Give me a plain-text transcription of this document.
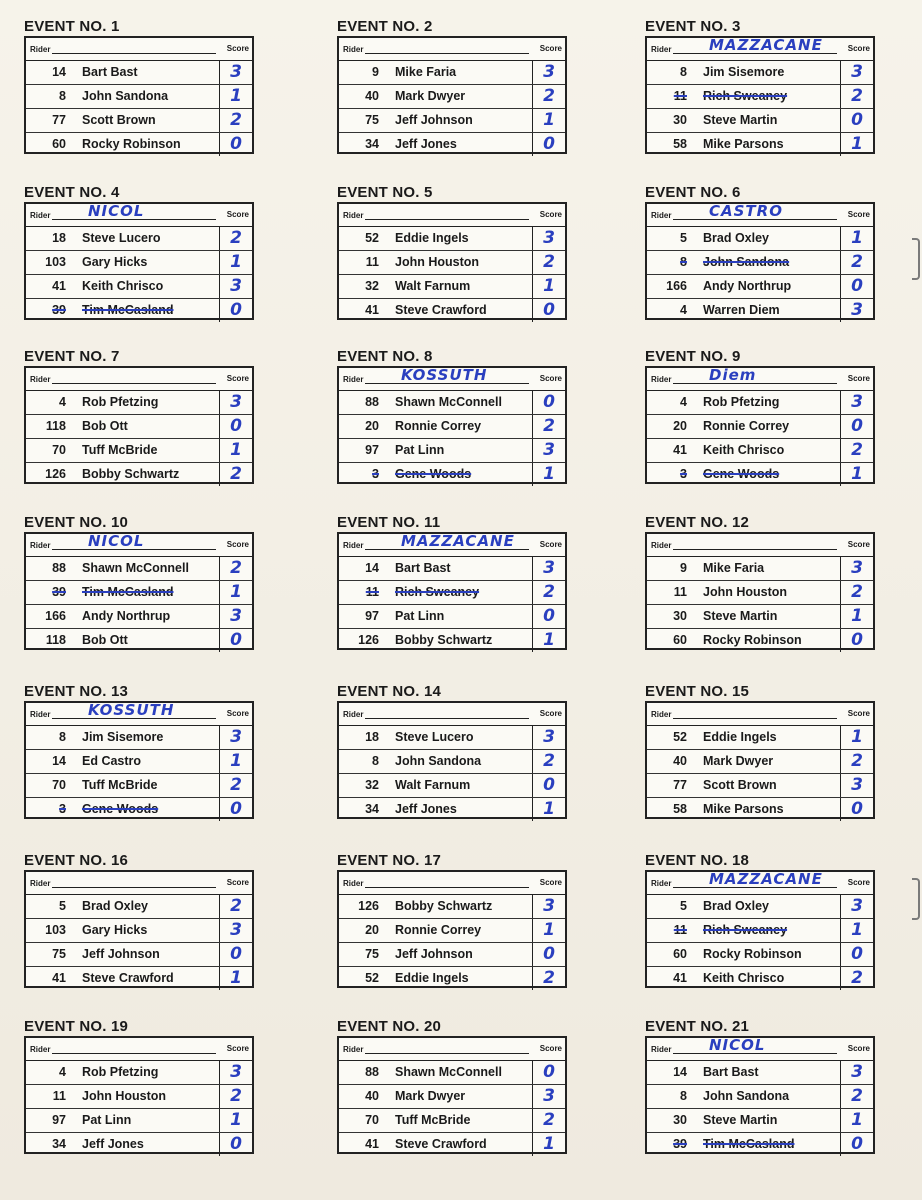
EVENT NO. 1
Rider	Score
14 Bart Bast	3
8 John Sandona	1
77 Scott Brown	2
60 Rocky Robinson	0
EVENT NO. 2
Rider	Score
9 Mike Faria	3
40 Mark Dwyer	2
75 Jeff Johnson	1
34 Jeff Jones	0
EVENT NO. 3
Rider	MAZZACANE	Score
8 Jim Sisemore	3
11 Rich Sweaney	2
30 Steve Martin	0
58 Mike Parsons	1
EVENT NO. 4
Rider	NICOL	Score
18 Steve Lucero	2
103 Gary Hicks	1
41 Keith Chrisco	3
39 Tim McCasland	0
EVENT NO. 5
Rider	Score
52 Eddie Ingels	3
11 John Houston	2
32 Walt Farnum	1
41 Steve Crawford	0
EVENT NO. 6
Rider	CASTRO	Score
5 Brad Oxley	1
8 John Sandona	2
166 Andy Northrup	0
4 Warren Diem	3
EVENT NO. 7
Rider	Score
4 Rob Pfetzing	3
118 Bob Ott	0
70 Tuff McBride	1
126 Bobby Schwartz	2
EVENT NO. 8
Rider	KOSSUTH	Score
88 Shawn McConnell	0
20 Ronnie Correy	2
97 Pat Linn	3
3 Gene Woods	1
EVENT NO. 9
Rider	Diem	Score
4 Rob Pfetzing	3
20 Ronnie Correy	0
41 Keith Chrisco	2
3 Gene Woods	1
EVENT NO. 10
Rider	NICOL	Score
88 Shawn McConnell	2
39 Tim McCasland	1
166 Andy Northrup	3
118 Bob Ott	0
EVENT NO. 11
Rider	MAZZACANE	Score
14 Bart Bast	3
11 Rich Sweaney	2
97 Pat Linn	0
126 Bobby Schwartz	1
EVENT NO. 12
Rider	Score
9 Mike Faria	3
11 John Houston	2
30 Steve Martin	1
60 Rocky Robinson	0
EVENT NO. 13
Rider	KOSSUTH	Score
8 Jim Sisemore	3
14 Ed Castro	1
70 Tuff McBride	2
3 Gene Woods	0
EVENT NO. 14
Rider	Score
18 Steve Lucero	3
8 John Sandona	2
32 Walt Farnum	0
34 Jeff Jones	1
EVENT NO. 15
Rider	Score
52 Eddie Ingels	1
40 Mark Dwyer	2
77 Scott Brown	3
58 Mike Parsons	0
EVENT NO. 16
Rider	Score
5 Brad Oxley	2
103 Gary Hicks	3
75 Jeff Johnson	0
41 Steve Crawford	1
EVENT NO. 17
Rider	Score
126 Bobby Schwartz	3
20 Ronnie Correy	1
75 Jeff Johnson	0
52 Eddie Ingels	2
EVENT NO. 18
Rider	MAZZACANE	Score
5 Brad Oxley	3
11 Rich Sweaney	1
60 Rocky Robinson	0
41 Keith Chrisco	2
EVENT NO. 19
Rider	Score
4 Rob Pfetzing	3
11 John Houston	2
97 Pat Linn	1
34 Jeff Jones	0
EVENT NO. 20
Rider	Score
88 Shawn McConnell	0
40 Mark Dwyer	3
70 Tuff McBride	2
41 Steve Crawford	1
EVENT NO. 21
Rider	NICOL	Score
14 Bart Bast	3
8 John Sandona	2
30 Steve Martin	1
39 Tim McCasland	0
